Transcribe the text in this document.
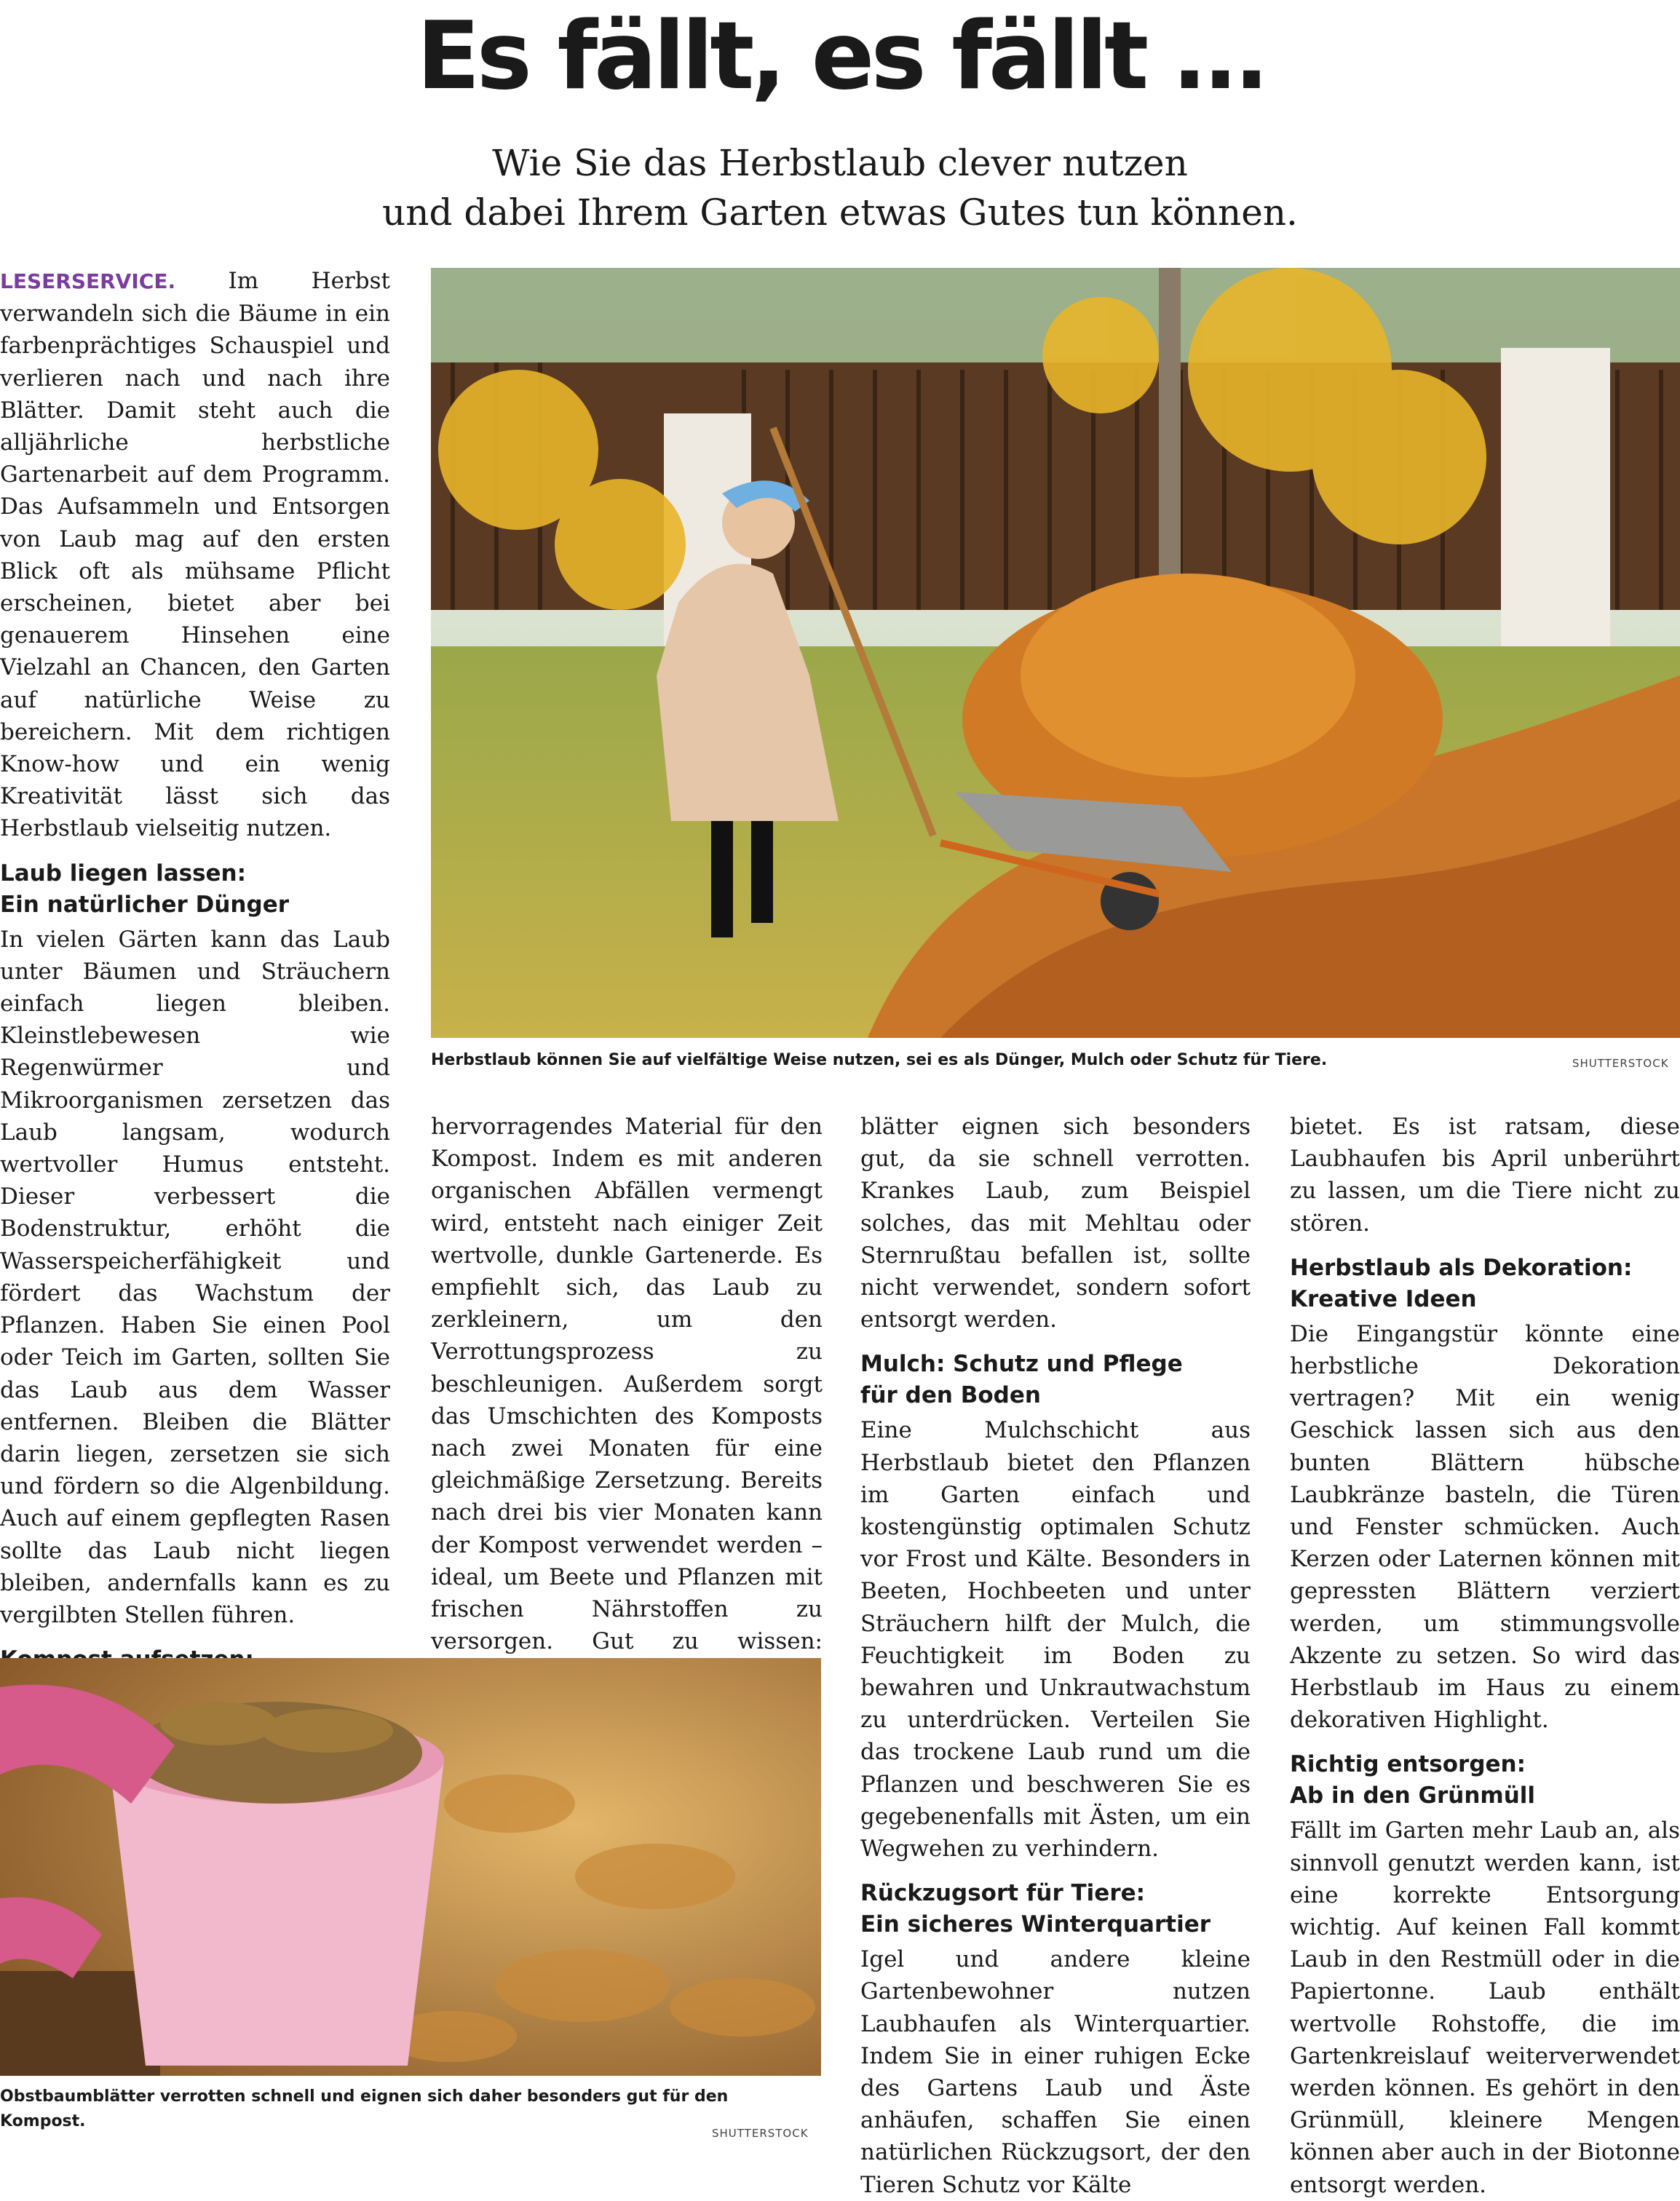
Es fällt, es fällt …
Wie Sie das Herbstlaub clever nutzen
und dabei Ihrem Garten etwas Gutes tun können.

LESERSERVICE. Im Herbst verwandeln sich die Bäume in ein farbenprächtiges Schauspiel und verlieren nach und nach ihre Blätter. Damit steht auch die alljährliche herbstliche Gartenarbeit auf dem Programm. Das Aufsammeln und Entsorgen von Laub mag auf den ersten Blick oft als mühsame Pflicht erscheinen, bietet aber bei genauerem Hinsehen eine Vielzahl an Chancen, den Garten auf natürliche Weise zu bereichern. Mit dem richtigen Know-how und ein wenig Kreativität lässt sich das Herbstlaub vielseitig nutzen.

Laub liegen lassen:
Ein natürlicher Dünger

In vielen Gärten kann das Laub unter Bäumen und Sträuchern einfach liegen bleiben. Kleinstlebewesen wie Regenwürmer und Mikroorganismen zersetzen das Laub langsam, wodurch wertvoller Humus entsteht. Dieser verbessert die Bodenstruktur, erhöht die Wasserspeicherfähigkeit und fördert das Wachstum der Pflanzen. Haben Sie einen Pool oder Teich im Garten, sollten Sie das Laub aus dem Wasser entfernen. Bleiben die Blätter darin liegen, zersetzen sie sich und fördern so die Algenbildung. Auch auf einem gepflegten Rasen sollte das Laub nicht liegen bleiben, andernfalls kann es zu vergilbten Stellen führen.

Herbstlaub können Sie auf vielfältige Weise nutzen, sei es als Dünger, Mulch oder Schutz für Tiere.	SHUTTERSTOCK

hervorragendes Material für den Kompost. Indem es mit anderen organischen Abfällen vermengt wird, entsteht nach einiger Zeit wertvolle, dunkle Gartenerde. Es empfiehlt sich, das Laub zu zerkleinern, um den Verrottungsprozess zu beschleunigen. Außerdem sorgt das Umschichten des Komposts nach zwei Monaten für eine gleichmäßige Zersetzung. Bereits nach drei bis vier Monaten kann der Kompost verwendet werden – ideal, um Beete und Pflanzen mit frischen Nährstoffen zu versorgen. Gut zu wissen:

blätter eignen sich besonders gut, da sie schnell verrotten. Krankes Laub, zum Beispiel solches, das mit Mehltau oder Sternrußtau befallen ist, sollte nicht verwendet, sondern sofort entsorgt werden.

Mulch: Schutz und Pflege
für den Boden

Eine Mulchschicht aus Herbstlaub bietet den Pflanzen im Garten einfach und kostengünstig optimalen Schutz vor Frost und Kälte. Besonders in Beeten, Hochbeeten und unter Sträuchern hilft der Mulch, die Feuchtigkeit im Boden zu bewahren und Unkrautwachstum zu unterdrücken. Verteilen Sie das trockene Laub rund um die Pflanzen und beschweren Sie es gegebenenfalls mit Ästen, um ein Wegwehen zu verhindern.

Rückzugsort für Tiere:
Ein sicheres Winterquartier

Igel und andere kleine Gartenbewohner nutzen Laubhaufen als Winterquartier. Indem Sie in einer ruhigen Ecke des Gartens Laub und Äste anhäufen, schaffen Sie einen natürlichen Rückzugsort, der den Tieren Schutz vor Kälte

bietet. Es ist ratsam, diese Laubhaufen bis April unberührt zu lassen, um die Tiere nicht zu stören.

Herbstlaub als Dekoration:
Kreative Ideen

Die Eingangstür könnte eine herbstliche Dekoration vertragen? Mit ein wenig Geschick lassen sich aus den bunten Blättern hübsche Laubkränze basteln, die Türen und Fenster schmücken. Auch Kerzen oder Laternen können mit gepressten Blättern verziert werden, um stimmungsvolle Akzente zu setzen. So wird das Herbstlaub im Haus zu einem dekorativen Highlight.

Richtig entsorgen:
Ab in den Grünmüll

Fällt im Garten mehr Laub an, als sinnvoll genutzt werden kann, ist eine korrekte Entsorgung wichtig. Auf keinen Fall kommt Laub in den Restmüll oder in die Papiertonne. Laub enthält wertvolle Rohstoffe, die im Gartenkreislauf weiterverwendet werden können. Es gehört in den Grünmüll, kleinere Mengen können aber auch in der Biotonne entsorgt werden.

Obstbaumblätter verrotten schnell und eignen sich daher besonders gut für den Kompost.
SHUTTERSTOCK
